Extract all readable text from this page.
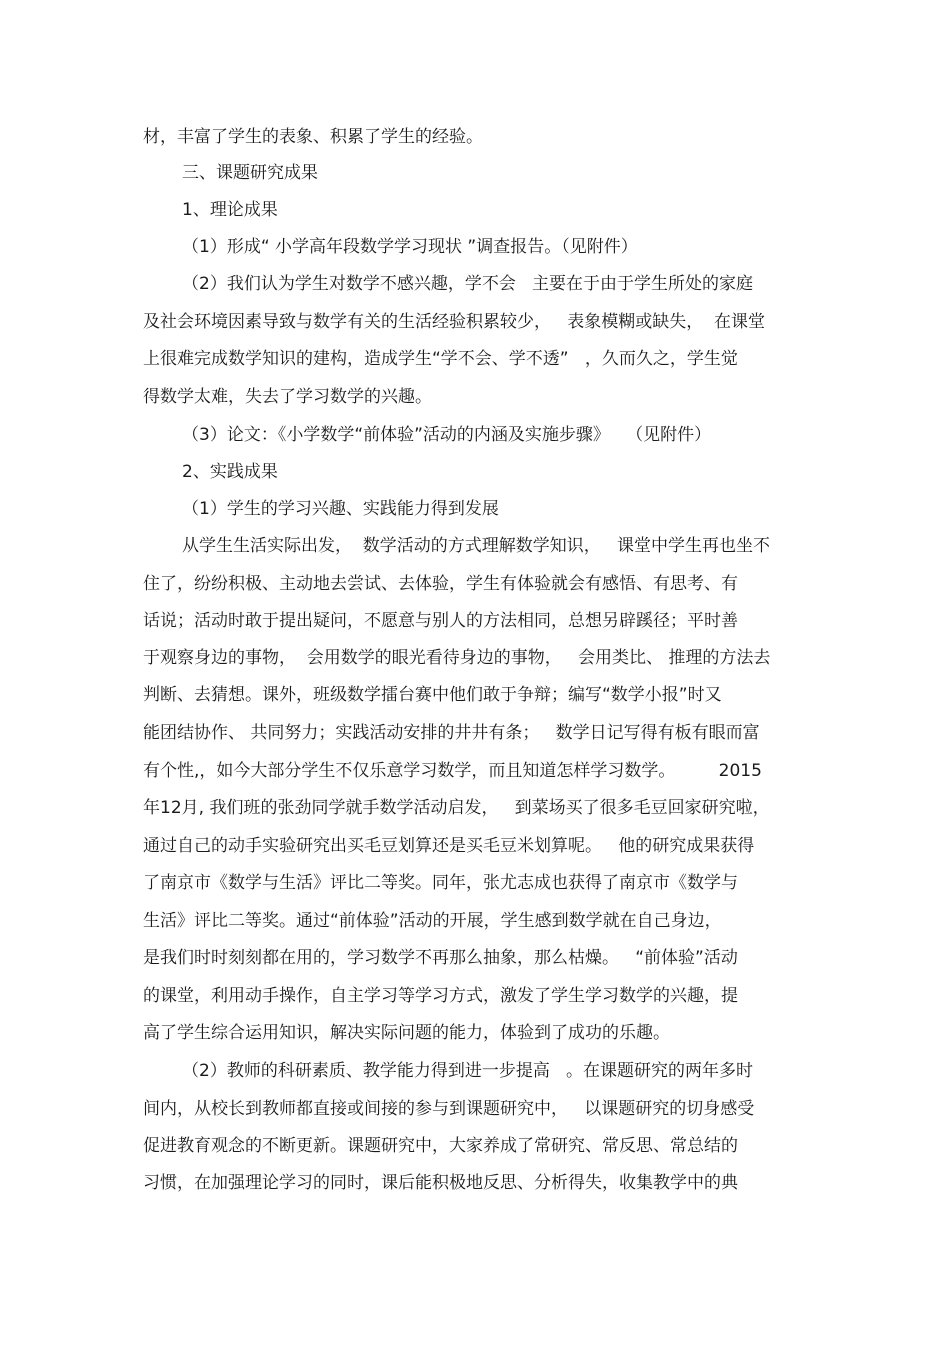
材，丰富了学生的表象、积累了学生的经验。
三、课题研究成果
1、理论成果
（1）形成“ 小学高年段数学学习现状 ”调查报告。（见附件）
（2）我们认为学生对数学不感兴趣，学不会   主要在于由于学生所处的家庭
及社会环境因素导致与数学有关的生活经验积累较少，   表象模糊或缺失，  在课堂
上很难完成数学知识的建构，造成学生“学不会、学不透”   ，久而久之，学生觉
得数学太难，失去了学习数学的兴趣。
（3）论文：《小学数学“前体验”活动的内涵及实施步骤》   （见附件）
2、实践成果
（1）学生的学习兴趣、实践能力得到发展
从学生生活实际出发，  数学活动的方式理解数学知识，   课堂中学生再也坐不
住了，纷纷积极、主动地去尝试、去体验，学生有体验就会有感悟、有思考、有
话说；活动时敢于提出疑问，不愿意与别人的方法相同，总想另辟蹊径；平时善
于观察身边的事物，  会用数学的眼光看待身边的事物，   会用类比、 推理的方法去
判断、去猜想。课外，班级数学擂台赛中他们敢于争辩；编写“数学小报”时又
能团结协作、 共同努力；实践活动安排的井井有条；   数学日记写得有板有眼而富
有个性,，如今大部分学生不仅乐意学习数学，而且知道怎样学习数学。        2015
年12月, 我们班的张劲同学就手数学活动启发，   到菜场买了很多毛豆回家研究啦，
通过自己的动手实验研究出买毛豆划算还是买毛豆米划算呢。   他的研究成果获得
了南京市《数学与生活》评比二等奖。同年，张尤志成也获得了南京市《数学与
生活》评比二等奖。通过“前体验”活动的开展，学生感到数学就在自己身边，
是我们时时刻刻都在用的，学习数学不再那么抽象，那么枯燥。   “前体验”活动
的课堂，利用动手操作，自主学习等学习方式，激发了学生学习数学的兴趣，提
高了学生综合运用知识，解决实际问题的能力，体验到了成功的乐趣。
（2）教师的科研素质、教学能力得到进一步提高   。在课题研究的两年多时
间内，从校长到教师都直接或间接的参与到课题研究中，   以课题研究的切身感受
促进教育观念的不断更新。课题研究中，大家养成了常研究、常反思、常总结的
习惯，在加强理论学习的同时，课后能积极地反思、分析得失，收集教学中的典
